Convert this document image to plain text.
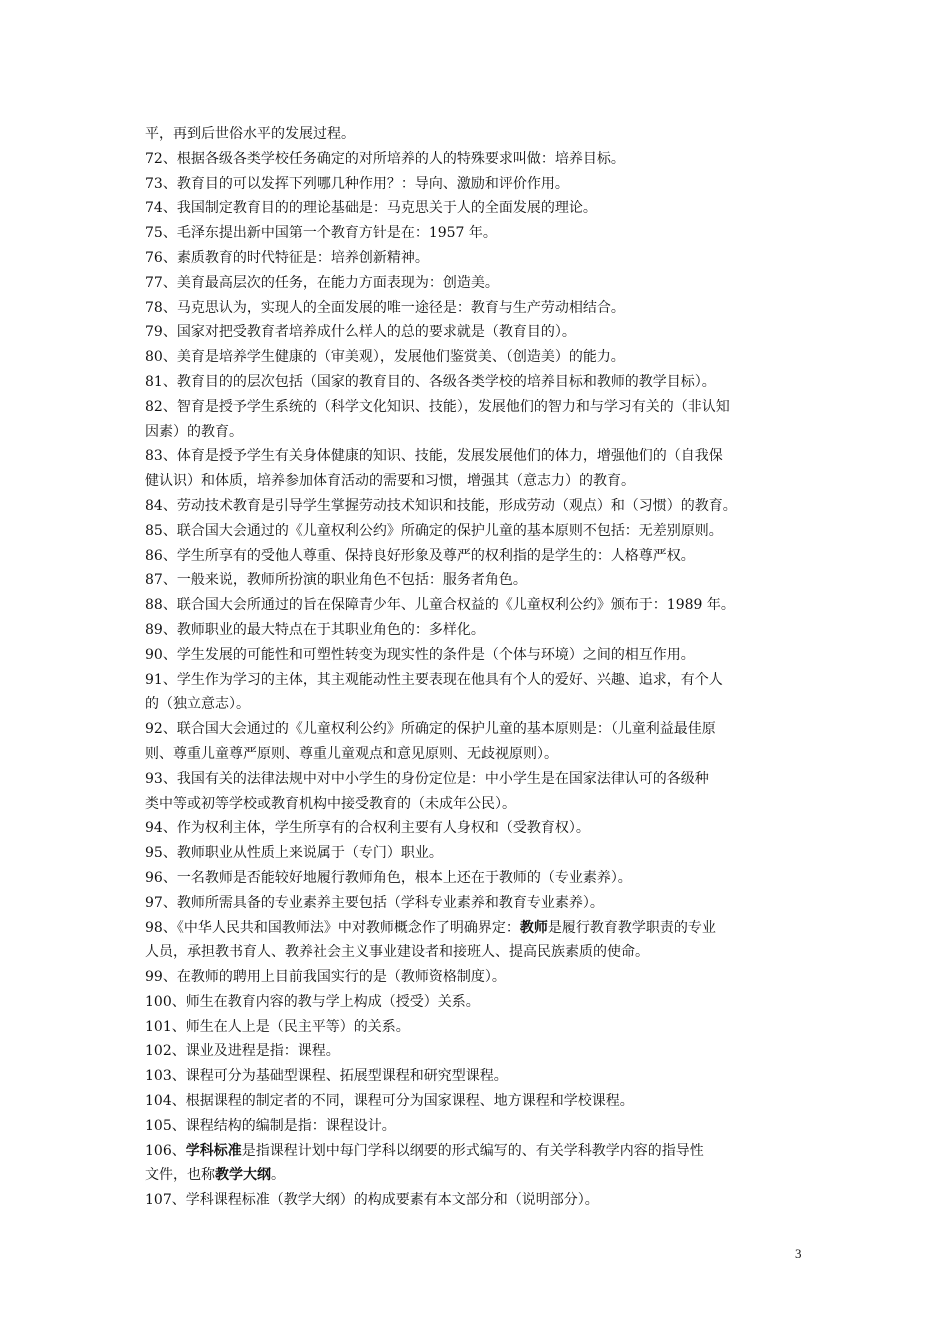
平，再到后世俗水平的发展过程。
72、根据各级各类学校任务确定的对所培养的人的特殊要求叫做：培养目标。
73、教育目的可以发挥下列哪几种作用？：导向、激励和评价作用。
74、我国制定教育目的的理论基础是：马克思关于人的全面发展的理论。
75、毛泽东提出新中国第一个教育方针是在：1957 年。
76、素质教育的时代特征是：培养创新精神。
77、美育最高层次的任务，在能力方面表现为：创造美。
78、马克思认为，实现人的全面发展的唯一途径是：教育与生产劳动相结合。
79、国家对把受教育者培养成什么样人的总的要求就是（教育目的）。
80、美育是培养学生健康的（审美观），发展他们鉴赏美、（创造美）的能力。
81、教育目的的层次包括（国家的教育目的、各级各类学校的培养目标和教师的教学目标）。
82、智育是授予学生系统的（科学文化知识、技能），发展他们的智力和与学习有关的（非认知
因素）的教育。
83、体育是授予学生有关身体健康的知识、技能，发展发展他们的体力，增强他们的（自我保
健认识）和体质，培养参加体育活动的需要和习惯，增强其（意志力）的教育。
84、劳动技术教育是引导学生掌握劳动技术知识和技能，形成劳动（观点）和（习惯）的教育。
85、联合国大会通过的《儿童权利公约》所确定的保护儿童的基本原则不包括：无差别原则。
86、学生所享有的受他人尊重、保持良好形象及尊严的权利指的是学生的：人格尊严权。
87、一般来说，教师所扮演的职业角色不包括：服务者角色。
88、联合国大会所通过的旨在保障青少年、儿童合权益的《儿童权利公约》颁布于：1989 年。
89、教师职业的最大特点在于其职业角色的：多样化。
90、学生发展的可能性和可塑性转变为现实性的条件是（个体与环境）之间的相互作用。
91、学生作为学习的主体，其主观能动性主要表现在他具有个人的爱好、兴趣、追求，有个人
的（独立意志）。
92、联合国大会通过的《儿童权利公约》所确定的保护儿童的基本原则是：（儿童利益最佳原
则、尊重儿童尊严原则、尊重儿童观点和意见原则、无歧视原则）。
93、我国有关的法律法规中对中小学生的身份定位是：中小学生是在国家法律认可的各级种
类中等或初等学校或教育机构中接受教育的（未成年公民）。
94、作为权利主体，学生所享有的合权利主要有人身权和（受教育权）。
95、教师职业从性质上来说属于（专门）职业。
96、一名教师是否能较好地履行教师角色，根本上还在于教师的（专业素养）。
97、教师所需具备的专业素养主要包括（学科专业素养和教育专业素养）。
98、《中华人民共和国教师法》中对教师概念作了明确界定：教师是履行教育教学职责的专业
人员，承担教书育人、教养社会主义事业建设者和接班人、提高民族素质的使命。
99、在教师的聘用上目前我国实行的是（教师资格制度）。
100、师生在教育内容的教与学上构成（授受）关系。
101、师生在人上是（民主平等）的关系。
102、课业及进程是指：课程。
103、课程可分为基础型课程、拓展型课程和研究型课程。
104、根据课程的制定者的不同，课程可分为国家课程、地方课程和学校课程。
105、课程结构的编制是指：课程设计。
106、学科标准是指课程计划中每门学科以纲要的形式编写的、有关学科教学内容的指导性
文件，也称教学大纲。
107、学科课程标准（教学大纲）的构成要素有本文部分和（说明部分）。
3
